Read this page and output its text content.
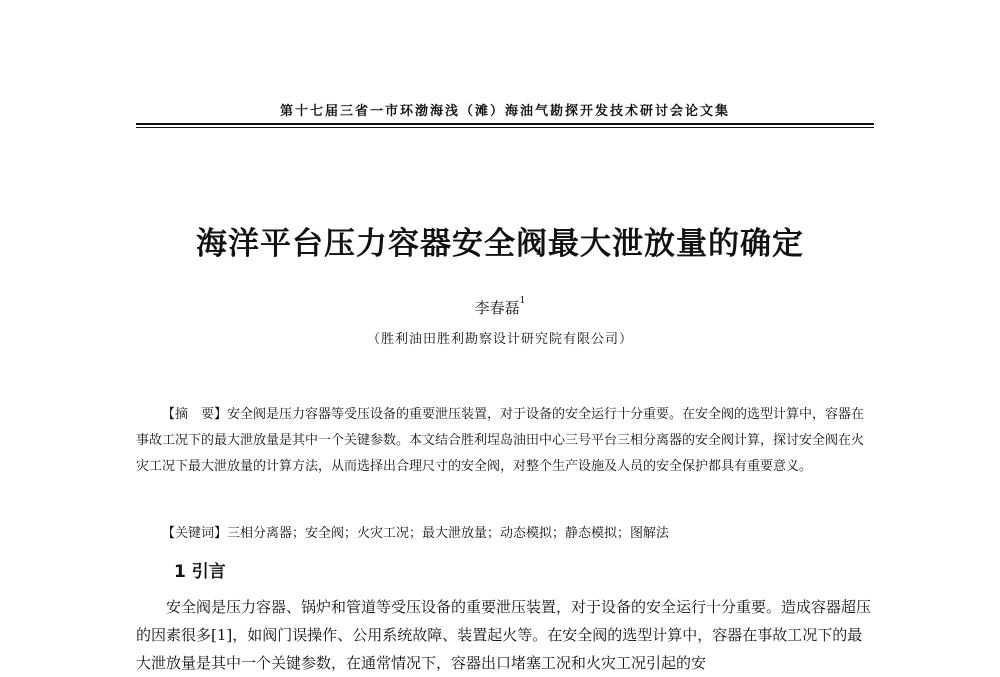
第十七届三省一市环渤海浅（滩）海油气勘探开发技术研讨会论文集
海洋平台压力容器安全阀最大泄放量的确定
李春磊$^1$
（胜利油田胜利勘察设计研究院有限公司）
【摘　要】安全阀是压力容器等受压设备的重要泄压装置，对于设备的安全运行十分重要。在安全阀的选型计算中，容器在事故工况下的最大泄放量是其中一个关键参数。本文结合胜利埕岛油田中心三号平台三相分离器的安全阀计算，探讨安全阀在火灾工况下最大泄放量的计算方法，从而选择出合理尺寸的安全阀，对整个生产设施及人员的安全保护都具有重要意义。
【关键词】三相分离器；安全阀；火灾工况；最大泄放量；动态模拟；静态模拟；图解法
1 引言
安全阀是压力容器、锅炉和管道等受压设备的重要泄压装置，对于设备的安全运行十分重要。造成容器超压的因素很多[1]，如阀门误操作、公用系统故障、装置起火等。在安全阀的选型计算中，容器在事故工况下的最大泄放量是其中一个关键参数，在通常情况下，容器出口堵塞工况和火灾工况引起的安
